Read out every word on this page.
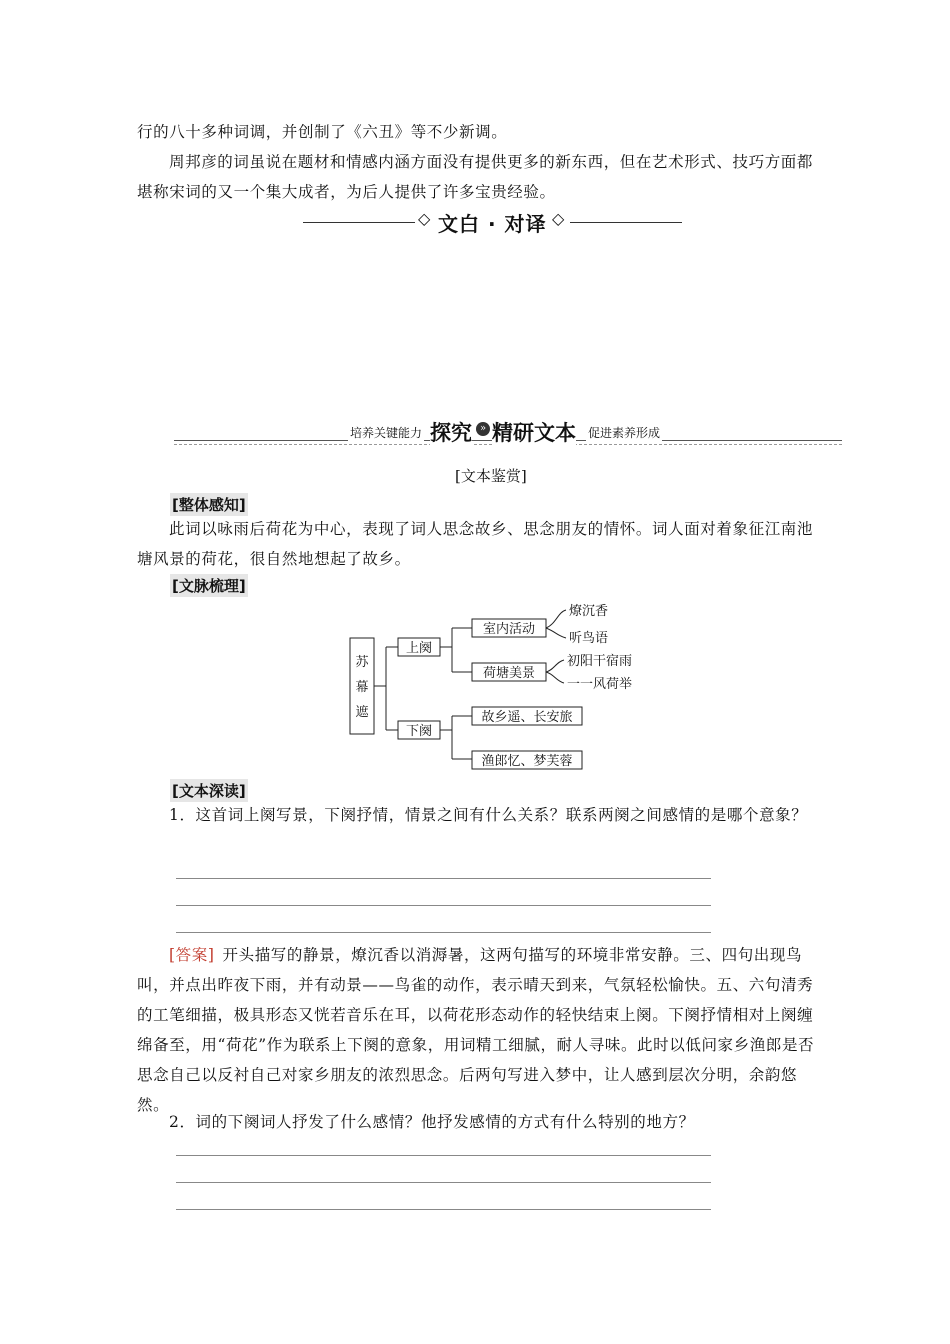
行的八十多种词调，并创制了《六丑》等不少新调。
周邦彦的词虽说在题材和情感内涵方面没有提供更多的新东西，但在艺术形式、技巧方面都堪称宋词的又一个集大成者，为后人提供了许多宝贵经验。
◇ 文白 · 对译 ◇
培养关键能力 探究 » 精研文本 促进素养形成
[文本鉴赏]
[整体感知]
此词以咏雨后荷花为中心，表现了词人思念故乡、思念朋友的情怀。词人面对着象征江南池塘风景的荷花，很自然地想起了故乡。
[文脉梳理]
苏
幕
遮
上阕
下阕
室内活动
荷塘美景
燎沉香
听鸟语
初阳干宿雨
一一风荷举
故乡遥、长安旅
渔郎忆、梦芙蓉
[文本深读]
1．这首词上阕写景，下阕抒情，情景之间有什么关系？联系两阕之间感情的是哪个意象？
[答案] 开头描写的静景，燎沉香以消溽暑，这两句描写的环境非常安静。三、四句出现鸟叫，并点出昨夜下雨，并有动景——鸟雀的动作，表示晴天到来，气氛轻松愉快。五、六句清秀的工笔细描，极具形态又恍若音乐在耳，以荷花形态动作的轻快结束上阕。下阕抒情相对上阕缠绵备至，用“荷花”作为联系上下阕的意象，用词精工细腻，耐人寻味。此时以低问家乡渔郎是否思念自己以反衬自己对家乡朋友的浓烈思念。后两句写进入梦中，让人感到层次分明，余韵悠然。
2．词的下阕词人抒发了什么感情？他抒发感情的方式有什么特别的地方？
